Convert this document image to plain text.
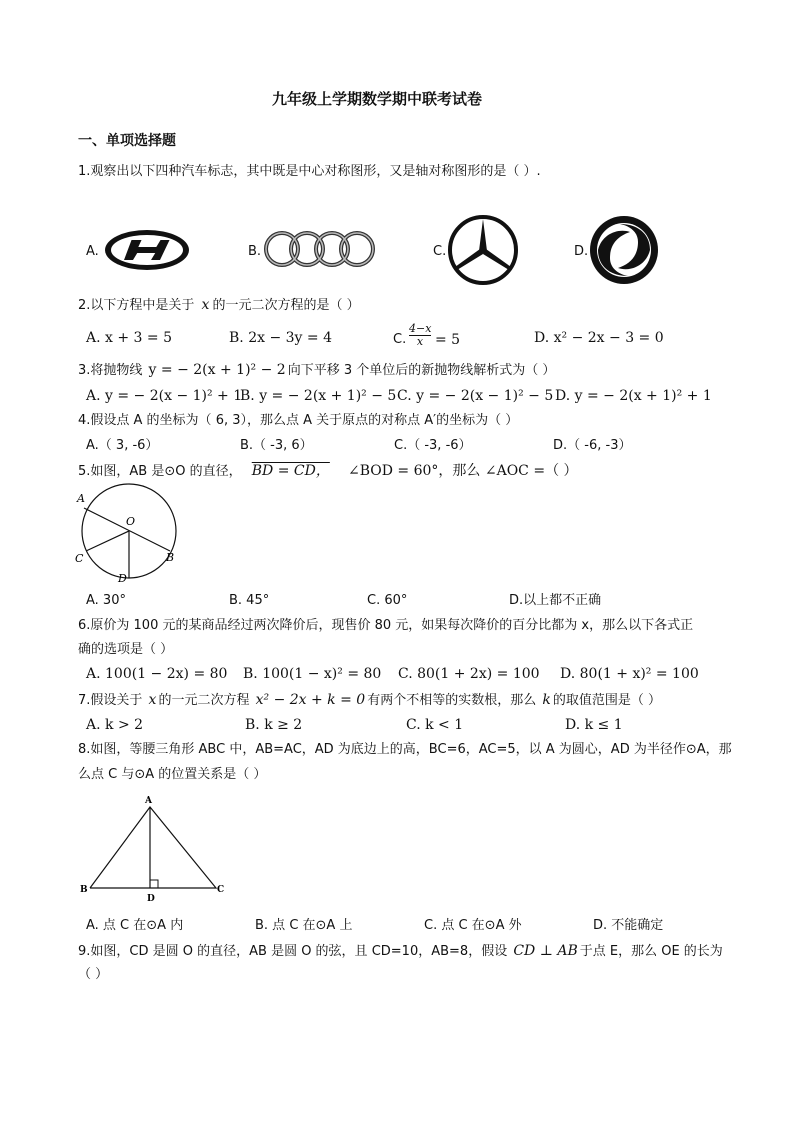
九年级上学期数学期中联考试卷
一、单项选择题
1.观察出以下四种汽车标志，其中既是中心对称图形，又是轴对称图形的是（ ）.
A.	B.	C.	D.
2.以下方程中是关于 x 的一元二次方程的是（ ）
A. x + 3 = 5	B. 2x − 3y = 4	C.
4−x
x = 5	D. x² − 2x − 3 = 0
3.将抛物线 y = − 2(x + 1)² − 2 向下平移 3 个单位后的新抛物线解析式为（ ）
A. y = − 2(x − 1)² + 1
B. y = − 2(x + 1)² − 5 C. y = − 2(x − 1)² − 5 D. y = − 2(x + 1)² + 1
4.假设点 A 的坐标为（ 6, 3），那么点 A 关于原点的对称点 A′的坐标为（ ）
A.（ 3, -6）	B.（ -3, 6）	C.（ -3, -6）	D.（ -6, -3）
5.如图，AB 是⊙O 的直径， BD = CD， ∠BOD = 60°，那么 ∠AOC =（ ）
A
O
C	B
D
A. 30°	B. 45°	C. 60°	D.以上都不正确
6.原价为 100 元的某商品经过两次降价后，现售价 80 元，如果每次降价的百分比都为 x，那么以下各式正
确的选项是（ ）
A. 100(1 − 2x) = 80 B. 100(1 − x)² = 80 C. 80(1 + 2x) = 100 D. 80(1 + x)² = 100
7.假设关于 x 的一元二次方程 x² − 2x + k = 0 有两个不相等的实数根，那么 k 的取值范围是（ ）
A. k > 2	B. k ≥ 2	C. k < 1	D. k ≤ 1
8.如图，等腰三角形 ABC 中，AB=AC，AD 为底边上的高，BC=6，AC=5，以 A 为圆心，AD 为半径作⊙A，那
么点 C 与⊙A 的位置关系是（ ）
A
B	C
D
A. 点 C 在⊙A 内	B. 点 C 在⊙A 上	C. 点 C 在⊙A 外	D. 不能确定
9.如图，CD 是圆 O 的直径，AB 是圆 O 的弦，且 CD=10，AB=8，假设 CD ⊥ AB 于点 E，那么 OE 的长为
（ ）
